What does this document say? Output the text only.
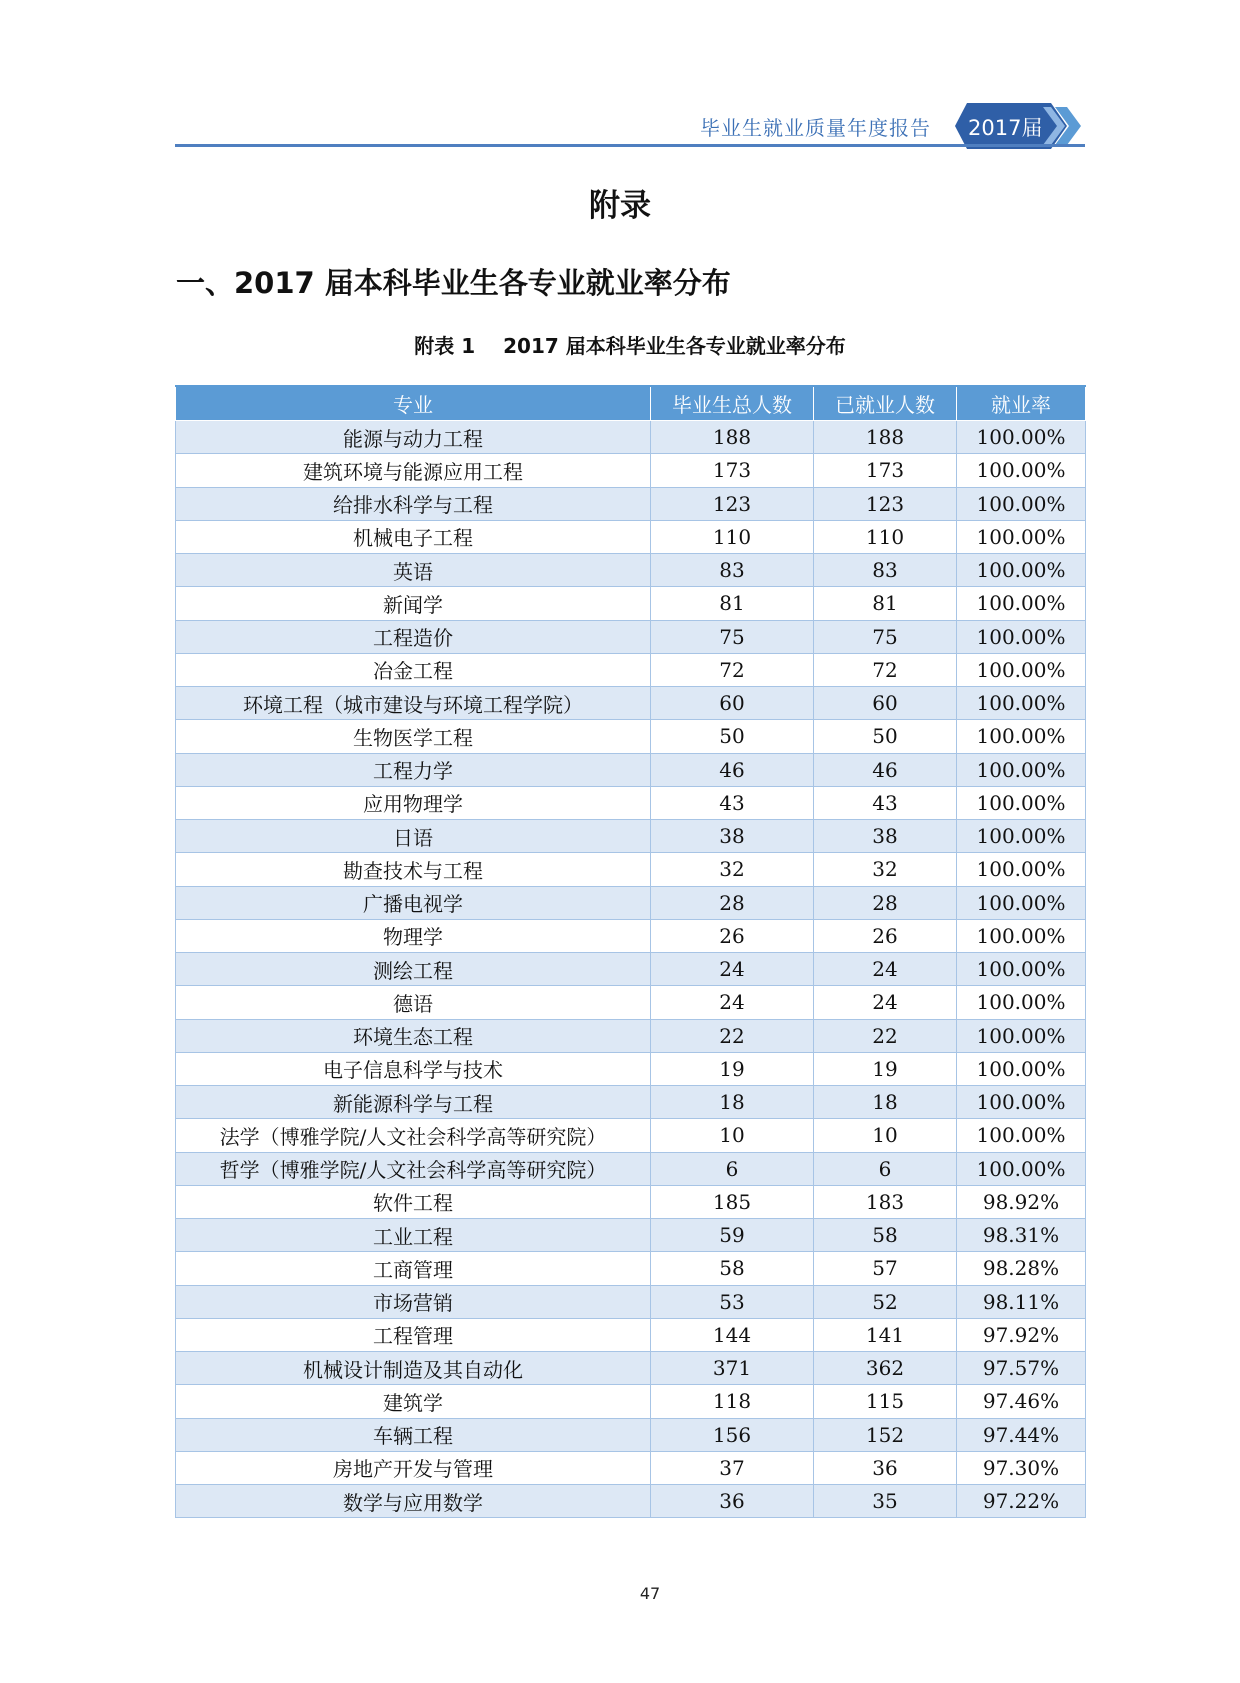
毕业生就业质量年度报告 2017届
附录
一、2017 届本科毕业生各专业就业率分布
附表 1 2017 届本科毕业生各专业就业率分布
专业	毕业生总人数	已就业人数	就业率
能源与动力工程	188	188	100.00%
建筑环境与能源应用工程	173	173	100.00%
给排水科学与工程	123	123	100.00%
机械电子工程	110	110	100.00%
英语	83	83	100.00%
新闻学	81	81	100.00%
工程造价	75	75	100.00%
冶金工程	72	72	100.00%
环境工程（城市建设与环境工程学院）	60	60	100.00%
生物医学工程	50	50	100.00%
工程力学	46	46	100.00%
应用物理学	43	43	100.00%
日语	38	38	100.00%
勘查技术与工程	32	32	100.00%
广播电视学	28	28	100.00%
物理学	26	26	100.00%
测绘工程	24	24	100.00%
德语	24	24	100.00%
环境生态工程	22	22	100.00%
电子信息科学与技术	19	19	100.00%
新能源科学与工程	18	18	100.00%
法学（博雅学院/人文社会科学高等研究院）	10	10	100.00%
哲学（博雅学院/人文社会科学高等研究院）	6	6	100.00%
软件工程	185	183	98.92%
工业工程	59	58	98.31%
工商管理	58	57	98.28%
市场营销	53	52	98.11%
工程管理	144	141	97.92%
机械设计制造及其自动化	371	362	97.57%
建筑学	118	115	97.46%
车辆工程	156	152	97.44%
房地产开发与管理	37	36	97.30%
数学与应用数学	36	35	97.22%
47
